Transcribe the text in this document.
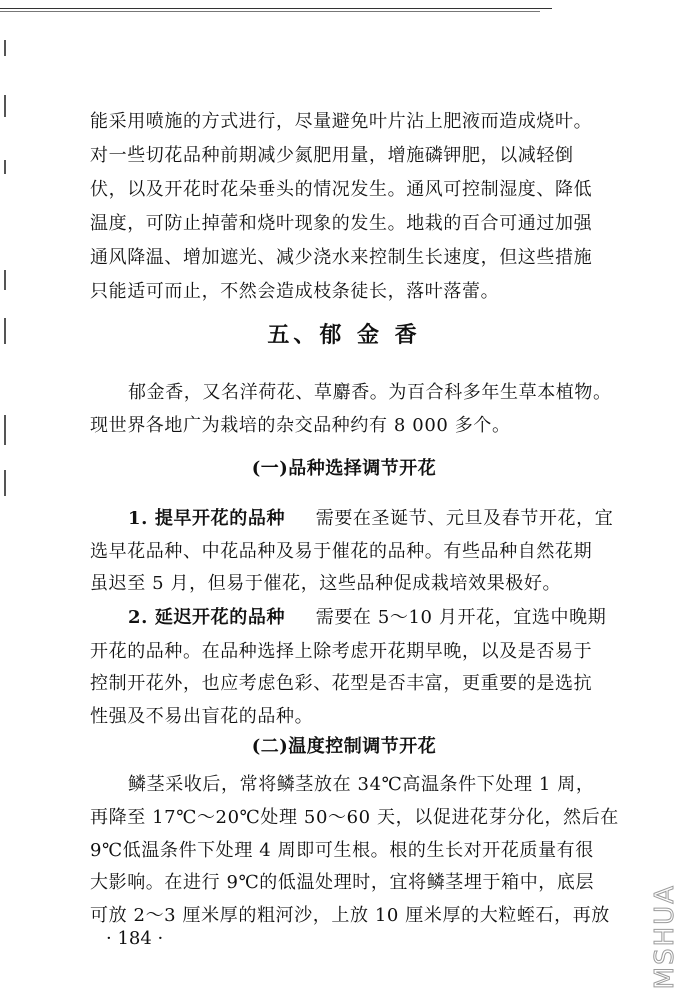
能采用喷施的方式进行，尽量避免叶片沾上肥液而造成烧叶。
对一些切花品种前期减少氮肥用量，增施磷钾肥，以减轻倒
伏，以及开花时花朵垂头的情况发生。通风可控制湿度、降低
温度，可防止掉蕾和烧叶现象的发生。地栽的百合可通过加强
通风降温、增加遮光、减少浇水来控制生长速度，但这些措施
只能适可而止，不然会造成枝条徒长，落叶落蕾。
五、郁 金 香
郁金香，又名洋荷花、草麝香。为百合科多年生草本植物。
现世界各地广为栽培的杂交品种约有 8 000 多个。
(一)品种选择调节开花
1. 提早开花的品种 需要在圣诞节、元旦及春节开花，宜
选早花品种、中花品种及易于催花的品种。有些品种自然花期
虽迟至 5 月，但易于催花，这些品种促成栽培效果极好。
2. 延迟开花的品种 需要在 5～10 月开花，宜选中晚期
开花的品种。在品种选择上除考虑开花期早晚，以及是否易于
控制开花外，也应考虑色彩、花型是否丰富，更重要的是选抗
性强及不易出盲花的品种。
(二)温度控制调节开花
鳞茎采收后，常将鳞茎放在 34℃高温条件下处理 1 周，
再降至 17℃～20℃处理 50～60 天，以促进花芽分化，然后在
9℃低温条件下处理 4 周即可生根。根的生长对开花质量有很
大影响。在进行 9℃的低温处理时，宜将鳞茎埋于箱中，底层
可放 2～3 厘米厚的粗河沙，上放 10 厘米厚的大粒蛭石，再放
· 184 ·	MSHUA
